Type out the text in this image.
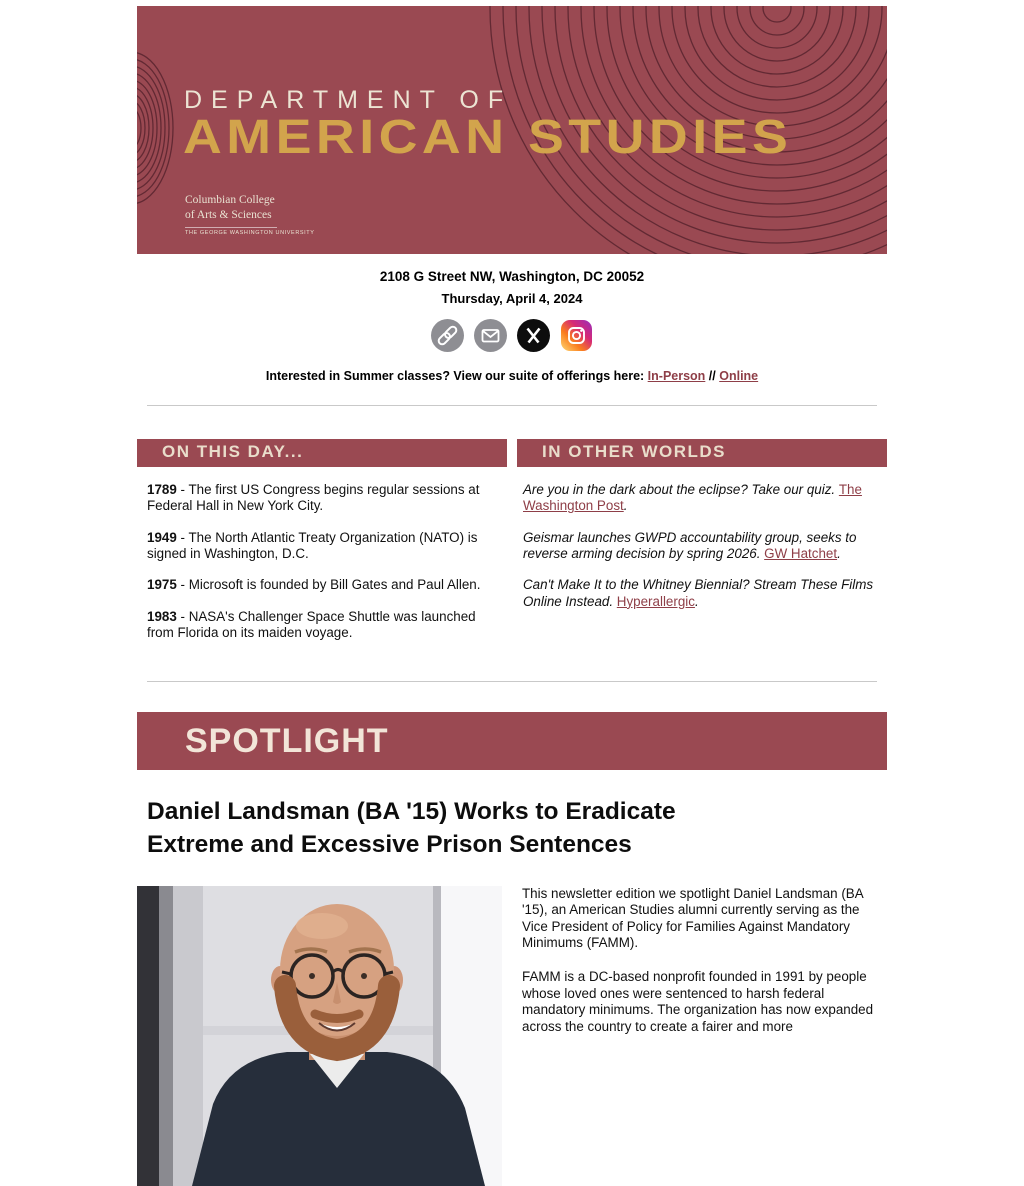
DEPARTMENT OF
AMERICAN STUDIES
Columbian College
of Arts & Sciences
THE GEORGE WASHINGTON UNIVERSITY
2108 G Street NW, Washington, DC 20052
Thursday, April 4, 2024
Interested in Summer classes? View our suite of offerings here: In-Person // Online
ON THIS DAY...
1789 - The first US Congress begins regular sessions at Federal Hall in New York City.
1949 - The North Atlantic Treaty Organization (NATO) is signed in Washington, D.C.
1975 - Microsoft is founded by Bill Gates and Paul Allen.
1983 - NASA's Challenger Space Shuttle was launched from Florida on its maiden voyage.
IN OTHER WORLDS
Are you in the dark about the eclipse? Take our quiz. The Washington Post.
Geismar launches GWPD accountability group, seeks to reverse arming decision by spring 2026. GW Hatchet.
Can't Make It to the Whitney Biennial? Stream These Films Online Instead. Hyperallergic.
SPOTLIGHT
Daniel Landsman (BA '15) Works to Eradicate Extreme and Excessive Prison Sentences

This newsletter edition we spotlight Daniel Landsman (BA '15), an American Studies alumni currently serving as the Vice President of Policy for Families Against Mandatory Minimums (FAMM).

FAMM is a DC-based nonprofit founded in 1991 by people whose loved ones were sentenced to harsh federal mandatory minimums. The organization has now expanded across the country to create a fairer and more
